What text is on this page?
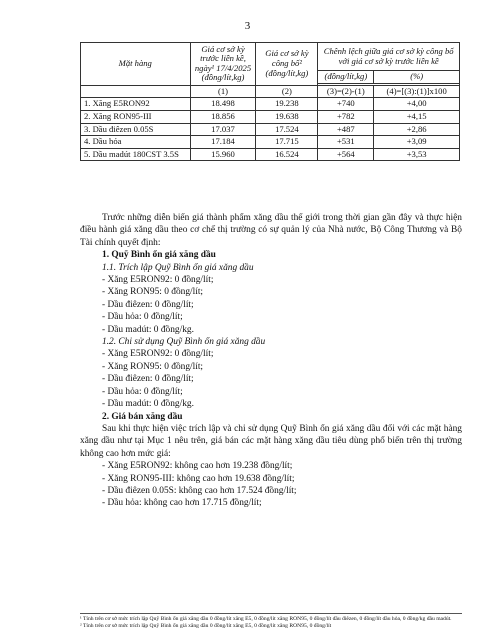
3
Mặt hàng	Giá cơ sở kỳ trước liền kề, ngày¹ 17/4/2025 (đồng/lít,kg)	Giá cơ sở kỳ công bố² (đồng/lít,kg)	Chênh lệch giữa giá cơ sở kỳ công bố với giá cơ sở kỳ trước liền kề	
			(đồng/lít,kg)	(%)

	(1)	(2)	(3)=(2)-(1)	(4)=[(3):(1)]x100
1. Xăng E5RON92	18.498	19.238	+740	+4,00
2. Xăng RON95-III	18.856	19.638	+782	+4,15
3. Dầu điêzen 0.05S	17.037	17.524	+487	+2,86
4. Dầu hỏa	17.184	17.715	+531	+3,09
5. Dầu madút 180CST 3.5S	15.960	16.524	+564	+3,53

Trước những diễn biến giá thành phẩm xăng dầu thế giới trong thời gian gần đây và thực hiện điều hành giá xăng dầu theo cơ chế thị trường có sự quản lý của Nhà nước, Bộ Công Thương và Bộ Tài chính quyết định:

1. Quỹ Bình ổn giá xăng dầu

1.1. Trích lập Quỹ Bình ổn giá xăng dầu

- Xăng E5RON92: 0 đồng/lít;

- Xăng RON95: 0 đồng/lít;

- Dầu điêzen: 0 đồng/lít;

- Dầu hỏa: 0 đồng/lít;

- Dầu madút: 0 đồng/kg.

1.2. Chi sử dụng Quỹ Bình ổn giá xăng dầu

- Xăng E5RON92: 0 đồng/lít;

- Xăng RON95: 0 đồng/lít;

- Dầu điêzen: 0 đồng/lít;

- Dầu hỏa: 0 đồng/lít;

- Dầu madút: 0 đồng/kg.

2. Giá bán xăng dầu

Sau khi thực hiện việc trích lập và chi sử dụng Quỹ Bình ổn giá xăng dầu đối với các mặt hàng xăng dầu như tại Mục 1 nêu trên, giá bán các mặt hàng xăng dầu tiêu dùng phổ biến trên thị trường không cao hơn mức giá:

- Xăng E5RON92: không cao hơn 19.238 đồng/lít;

- Xăng RON95-III: không cao hơn 19.638 đồng/lít;

- Dầu điêzen 0.05S: không cao hơn 17.524 đồng/lít;

- Dầu hỏa: không cao hơn 17.715 đồng/lít;

¹ Tính trên cơ sở mức trích lập Quỹ Bình ổn giá xăng dầu 0 đồng/lít xăng E5, 0 đồng/lít xăng RON95, 0 đồng/lít dầu điêzen, 0 đồng/lít dầu hỏa, 0 đồng/kg dầu madút.

² Tính trên cơ sở mức trích lập Quỹ Bình ổn giá xăng dầu 0 đồng/lít xăng E5, 0 đồng/lít xăng RON95, 0 đồng/lít
